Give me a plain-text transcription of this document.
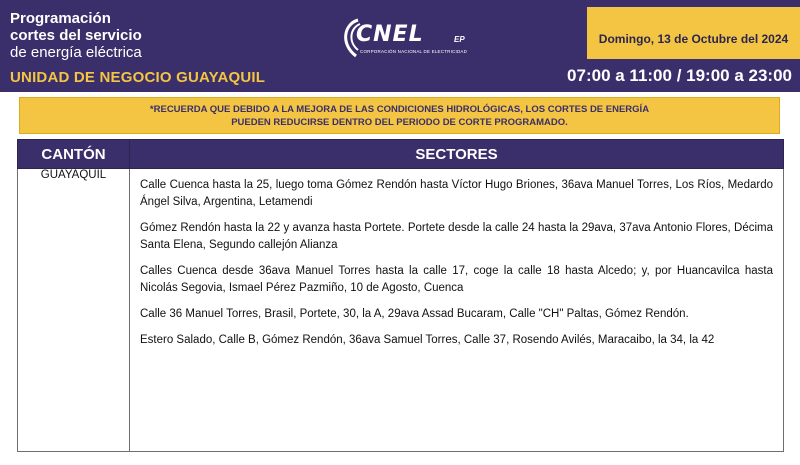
Programación
cortes del servicio
de energía eléctrica
UNIDAD DE NEGOCIO GUAYAQUIL
CNEL	EP
CORPORACIÓN NACIONAL DE ELECTRICIDAD
Domingo, 13 de Octubre del 2024
07:00 a 11:00 / 19:00 a 23:00
*RECUERDA QUE DEBIDO A LA MEJORA DE LAS CONDICIONES HIDROLÓGICAS, LOS CORTES DE ENERGÍA PUEDEN REDUCIRSE DENTRO DEL PERIODO DE CORTE PROGRAMADO.
CANTÓN	SECTORES
GUAYAQUIL	Calle Cuenca hasta la 25, luego toma Gómez Rendón hasta Víctor Hugo Briones, 36ava Manuel Torres, Los Ríos, Medardo Ángel Silva, Argentina, Letamendi
Gómez Rendón hasta la 22 y avanza hasta Portete. Portete desde la calle 24 hasta la 29ava, 37ava Antonio Flores, Décima Santa Elena, Segundo callejón Alianza
Calles Cuenca desde 36ava Manuel Torres hasta la calle 17, coge la calle 18 hasta Alcedo; y, por Huancavilca hasta Nicolás Segovia, Ismael Pérez Pazmiño, 10 de Agosto, Cuenca
Calle 36 Manuel Torres, Brasil, Portete, 30, la A, 29ava Assad Bucaram, Calle "CH" Paltas, Gómez Rendón.
Estero Salado, Calle B, Gómez Rendón, 36ava Samuel Torres, Calle 37, Rosendo Avilés, Maracaibo, la 34, la 42
